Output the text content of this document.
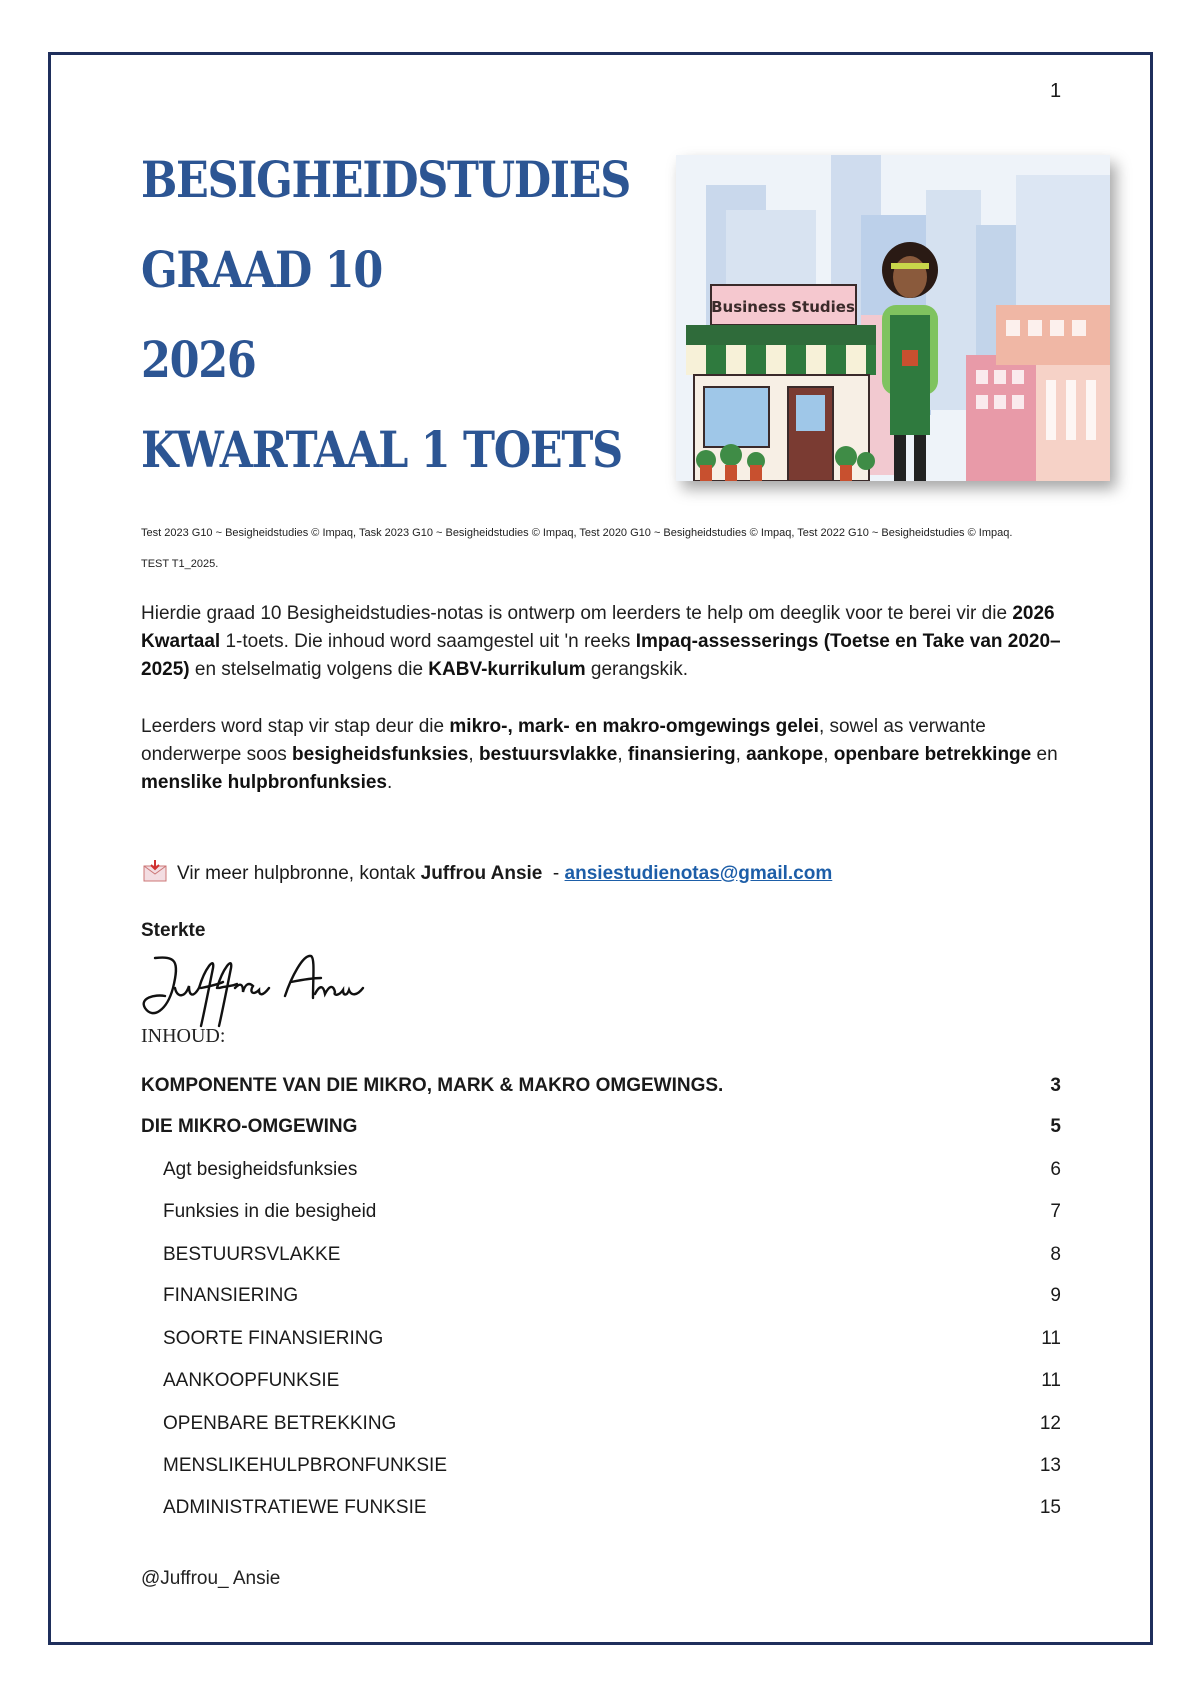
1
BESIGHEIDSTUDIES
GRAAD 10
2026
KWARTAAL 1 TOETS
Business Studies
Test 2023 G10 ~ Besigheidstudies © Impaq, Task 2023 G10 ~ Besigheidstudies © Impaq, Test 2020 G10 ~ Besigheidstudies © Impaq, Test 2022 G10 ~ Besigheidstudies © Impaq. TEST T1_2025.

Hierdie graad 10 Besigheidstudies-notas is ontwerp om leerders te help om deeglik voor te berei vir die 2026 Kwartaal 1-toets. Die inhoud word saamgestel uit 'n reeks Impaq-assesserings (Toetse en Take van 2020–2025) en stelselmatig volgens die KABV-kurrikulum gerangskik.

Leerders word stap vir stap deur die mikro-, mark- en makro-omgewings gelei, sowel as verwante onderwerpe soos besigheidsfunksies, bestuursvlakke, finansiering, aankope, openbare betrekkinge en menslike hulpbronfunksies.

Vir meer hulpbronne, kontak Juffrou Ansie - ansiestudienotas@gmail.com
Sterkte
INHOUD:
KOMPONENTE VAN DIE MIKRO, MARK & MAKRO OMGEWINGS.	3
DIE MIKRO-OMGEWING	5
Agt besigheidsfunksies	6
Funksies in die besigheid	7
BESTUURSVLAKKE	8
FINANSIERING	9
SOORTE FINANSIERING	11
AANKOOPFUNKSIE	11
OPENBARE BETREKKING	12
MENSLIKEHULPBRONFUNKSIE	13
ADMINISTRATIEWE FUNKSIE	15
@Juffrou_ Ansie
